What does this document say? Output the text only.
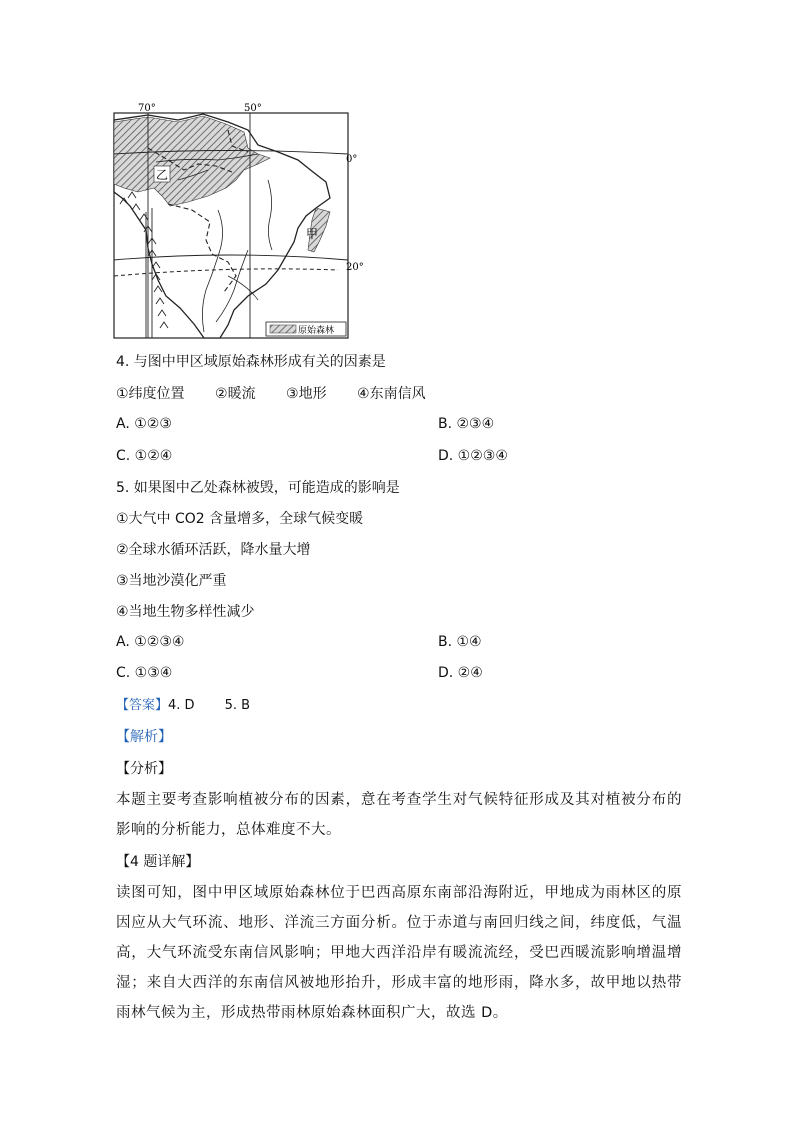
70°	50°
0°
20°
乙
甲
原始森林
4. 与图中甲区域原始森林形成有关的因素是
①纬度位置 ②暖流 ③地形 ④东南信风
A. ①②③	B. ②③④
C. ①②④	D. ①②③④
5. 如果图中乙处森林被毁，可能造成的影响是
①大气中 CO2 含量增多，全球气候变暖
②全球水循环活跃，降水量大增
③当地沙漠化严重
④当地生物多样性减少
A. ①②③④	B. ①④
C. ①③④	D. ②④
【答案】4. D 5. B
【解析】
【分析】
本题主要考查影响植被分布的因素，意在考查学生对气候特征形成及其对植被分布的影响的分析能力，总体难度不大。
【4 题详解】
读图可知，图中甲区域原始森林位于巴西高原东南部沿海附近，甲地成为雨林区的原因应从大气环流、地形、洋流三方面分析。位于赤道与南回归线之间，纬度低，气温高，大气环流受东南信风影响；甲地大西洋沿岸有暖流流经，受巴西暖流影响增温增湿；来自大西洋的东南信风被地形抬升，形成丰富的地形雨，降水多，故甲地以热带雨林气候为主，形成热带雨林原始森林面积广大，故选 D。
